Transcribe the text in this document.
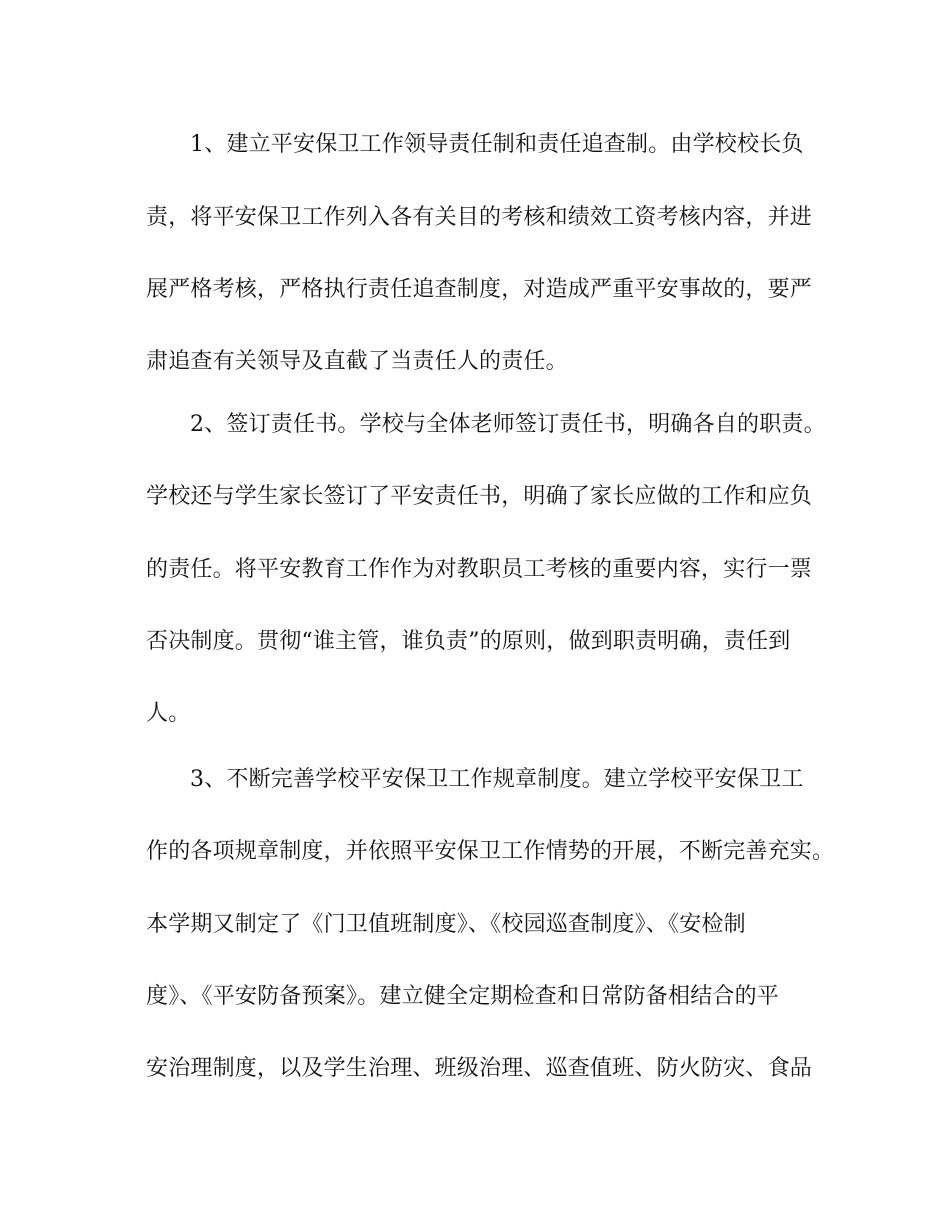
1、建立平安保卫工作领导责任制和责任追查制。由学校校长负
责，将平安保卫工作列入各有关目的考核和绩效工资考核内容，并进
展严格考核，严格执行责任追查制度，对造成严重平安事故的，要严
肃追查有关领导及直截了当责任人的责任。
2、签订责任书。学校与全体老师签订责任书，明确各自的职责。
学校还与学生家长签订了平安责任书，明确了家长应做的工作和应负
的责任。将平安教育工作作为对教职员工考核的重要内容，实行一票
否决制度。贯彻“谁主管，谁负责”的原则，做到职责明确，责任到
人。
3、不断完善学校平安保卫工作规章制度。建立学校平安保卫工
作的各项规章制度，并依照平安保卫工作情势的开展，不断完善充实。
本学期又制定了《门卫值班制度》、《校园巡查制度》、《安检制
度》、《平安防备预案》。建立健全定期检查和日常防备相结合的平
安治理制度，以及学生治理、班级治理、巡查值班、防火防灾、食品
